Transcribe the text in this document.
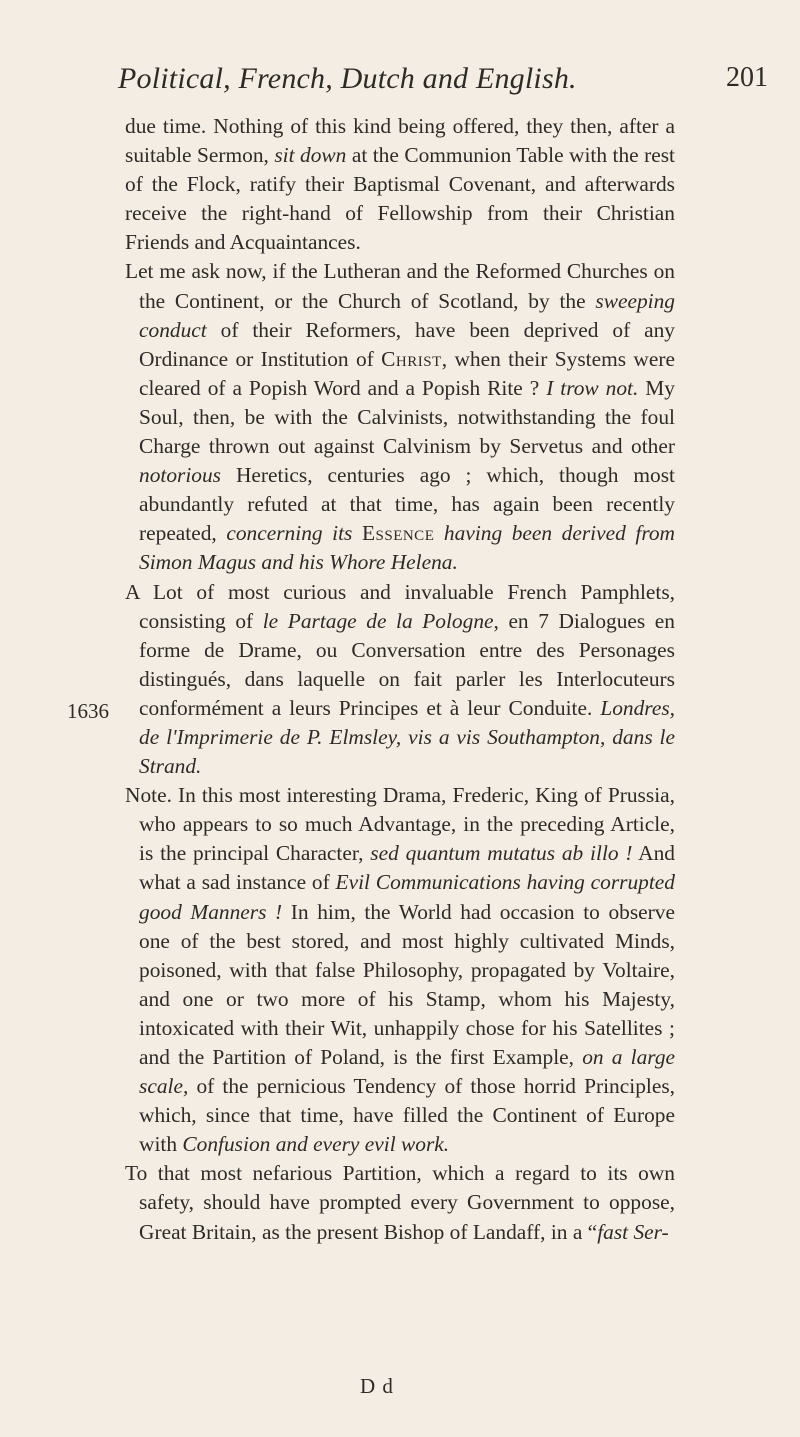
Political, French, Dutch and English.	201
1636

due time. Nothing of this kind being offered, they then, after a suitable Sermon, sit down at the Communion Table with the rest of the Flock, ratify their Baptismal Covenant, and afterwards receive the right-hand of Fellowship from their Christian Friends and Acquaintances.

Let me ask now, if the Lutheran and the Reformed Churches on the Continent, or the Church of Scotland, by the sweeping conduct of their Reformers, have been deprived of any Ordinance or Institution of Christ, when their Systems were cleared of a Popish Word and a Popish Rite ? I trow not. My Soul, then, be with the Calvinists, notwithstanding the foul Charge thrown out against Calvinism by Servetus and other notorious Heretics, centuries ago ; which, though most abundantly refuted at that time, has again been recently repeated, concerning its Essence having been derived from Simon Magus and his Whore Helena.

A Lot of most curious and invaluable French Pamphlets, consisting of le Partage de la Pologne, en 7 Dialogues en forme de Drame, ou Conversation entre des Personages distingués, dans laquelle on fait parler les Interlocuteurs conformément a leurs Principes et à leur Conduite. Londres, de l'Imprimerie de P. Elmsley, vis a vis Southampton, dans le Strand.

Note. In this most interesting Drama, Frederic, King of Prussia, who appears to so much Advantage, in the preceding Article, is the principal Character, sed quantum mutatus ab illo ! And what a sad instance of Evil Communications having corrupted good Manners ! In him, the World had occasion to observe one of the best stored, and most highly cultivated Minds, poisoned, with that false Philosophy, propagated by Voltaire, and one or two more of his Stamp, whom his Majesty, intoxicated with their Wit, unhappily chose for his Satellites ; and the Partition of Poland, is the first Example, on a large scale, of the pernicious Tendency of those horrid Principles, which, since that time, have filled the Continent of Europe with Confusion and every evil work.

To that most nefarious Partition, which a regard to its own safety, should have prompted every Government to oppose, Great Britain, as the present Bishop of Landaff, in a “fast Ser-

D d
